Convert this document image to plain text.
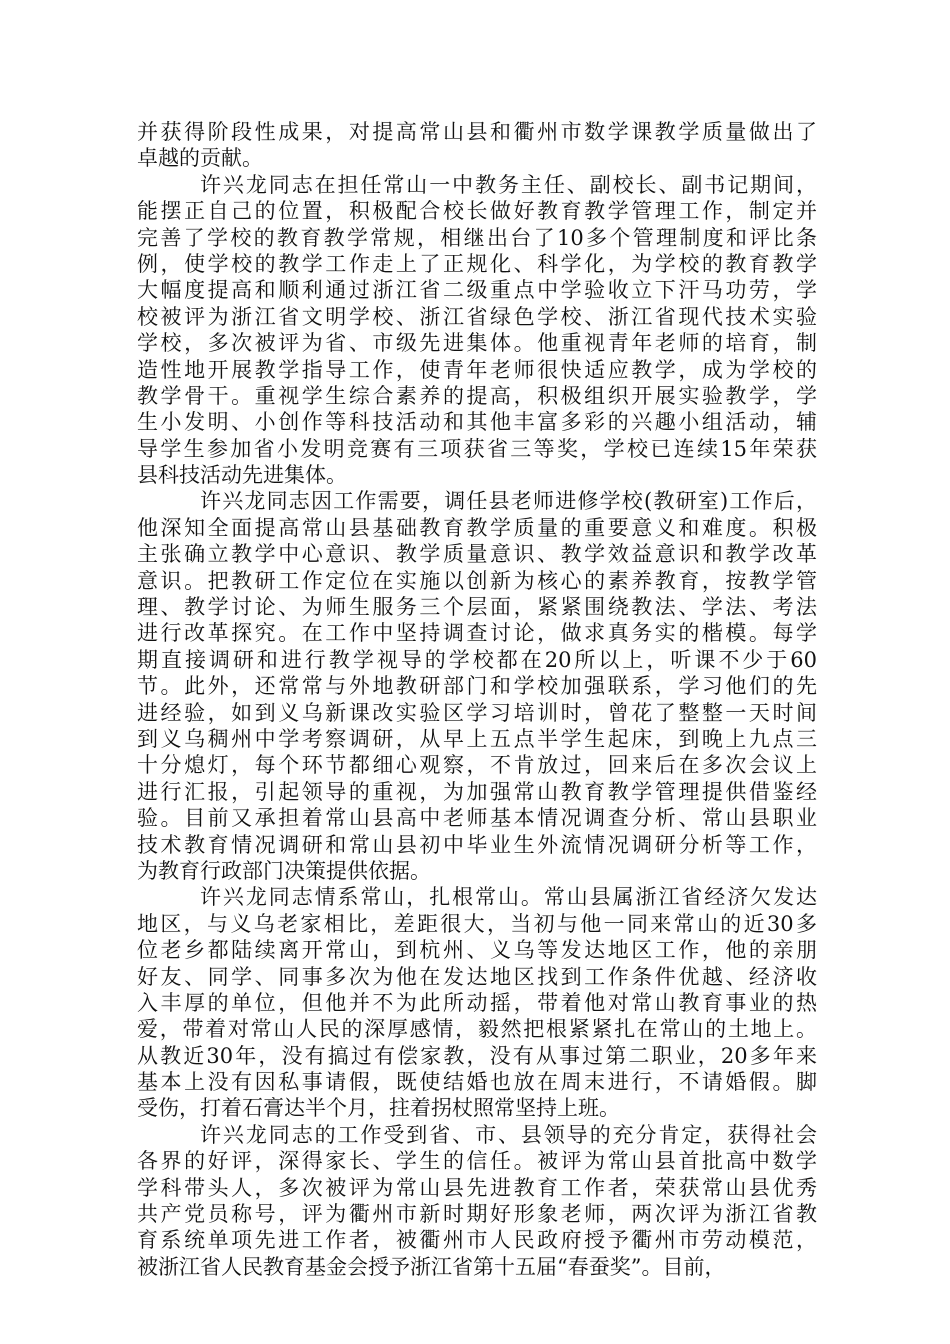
并获得阶段性成果，对提高常山县和衢州市数学课教学质量做出了
卓越的贡献。
许兴龙同志在担任常山一中教务主任、副校长、副书记期间，
能摆正自己的位置，积极配合校长做好教育教学管理工作，制定并
完善了学校的教育教学常规，相继出台了10多个管理制度和评比条
例，使学校的教学工作走上了正规化、科学化，为学校的教育教学
大幅度提高和顺利通过浙江省二级重点中学验收立下汗马功劳，学
校被评为浙江省文明学校、浙江省绿色学校、浙江省现代技术实验
学校，多次被评为省、市级先进集体。他重视青年老师的培育，制
造性地开展教学指导工作，使青年老师很快适应教学，成为学校的
教学骨干。重视学生综合素养的提高，积极组织开展实验教学，学
生小发明、小创作等科技活动和其他丰富多彩的兴趣小组活动，辅
导学生参加省小发明竞赛有三项获省三等奖，学校已连续15年荣获
县科技活动先进集体。
许兴龙同志因工作需要，调任县老师进修学校(教研室)工作后，
他深知全面提高常山县基础教育教学质量的重要意义和难度。积极
主张确立教学中心意识、教学质量意识、教学效益意识和教学改革
意识。把教研工作定位在实施以创新为核心的素养教育，按教学管
理、教学讨论、为师生服务三个层面，紧紧围绕教法、学法、考法
进行改革探究。在工作中坚持调查讨论，做求真务实的楷模。每学
期直接调研和进行教学视导的学校都在20所以上，听课不少于60
节。此外，还常常与外地教研部门和学校加强联系，学习他们的先
进经验，如到义乌新课改实验区学习培训时，曾花了整整一天时间
到义乌稠州中学考察调研，从早上五点半学生起床，到晚上九点三
十分熄灯，每个环节都细心观察，不肯放过，回来后在多次会议上
进行汇报，引起领导的重视，为加强常山教育教学管理提供借鉴经
验。目前又承担着常山县高中老师基本情况调查分析、常山县职业
技术教育情况调研和常山县初中毕业生外流情况调研分析等工作，
为教育行政部门决策提供依据。
许兴龙同志情系常山，扎根常山。常山县属浙江省经济欠发达
地区，与义乌老家相比，差距很大，当初与他一同来常山的近30多
位老乡都陆续离开常山，到杭州、义乌等发达地区工作，他的亲朋
好友、同学、同事多次为他在发达地区找到工作条件优越、经济收
入丰厚的单位，但他并不为此所动摇，带着他对常山教育事业的热
爱，带着对常山人民的深厚感情，毅然把根紧紧扎在常山的土地上。
从教近30年，没有搞过有偿家教，没有从事过第二职业，20多年来
基本上没有因私事请假，既使结婚也放在周末进行，不请婚假。脚
受伤，打着石膏达半个月，拄着拐杖照常坚持上班。
许兴龙同志的工作受到省、市、县领导的充分肯定，获得社会
各界的好评，深得家长、学生的信任。被评为常山县首批高中数学
学科带头人，多次被评为常山县先进教育工作者，荣获常山县优秀
共产党员称号，评为衢州市新时期好形象老师，两次评为浙江省教
育系统单项先进工作者，被衢州市人民政府授予衢州市劳动模范，
被浙江省人民教育基金会授予浙江省第十五届“春蚕奖”。目前，
